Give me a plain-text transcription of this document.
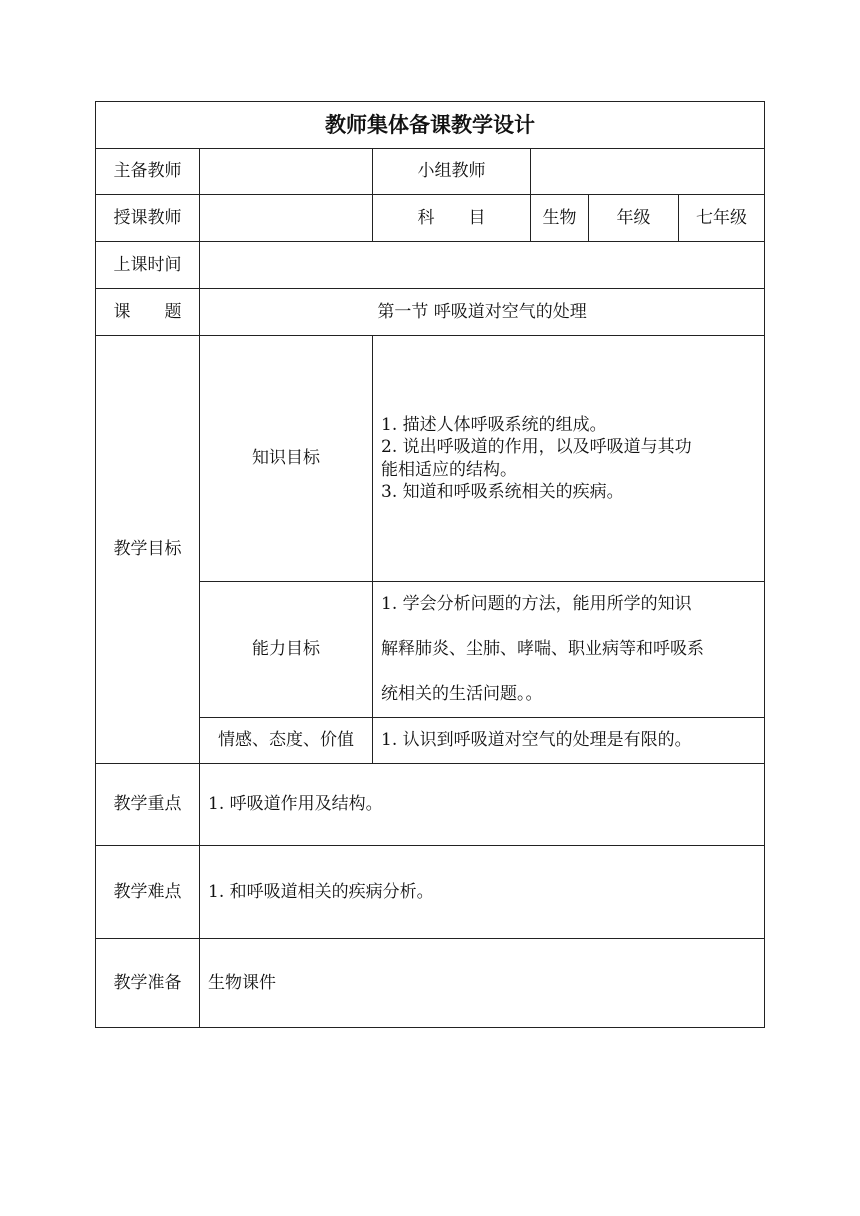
教师集体备课教学设计					
主备教师		小组教师			
授课教师		科　　目	生物	年级	七年级
上课时间					
课　　题	第一节 呼吸道对空气的处理				
教学目标	知识目标	1. 描述人体呼吸系统的组成。
2. 说出呼吸道的作用，以及呼吸道与其功
能相适应的结构。
3. 知道和呼吸系统相关的疾病。			

	能力目标	1. 学会分析问题的方法，能用所学的知识
解释肺炎、尘肺、哮喘、职业病等和呼吸系
统相关的生活问题。。			

	情感、态度、价值	1. 认识到呼吸道对空气的处理是有限的。			
教学重点	1. 呼吸道作用及结构。				
教学难点	1. 和呼吸道相关的疾病分析。				
教学准备	生物课件				
